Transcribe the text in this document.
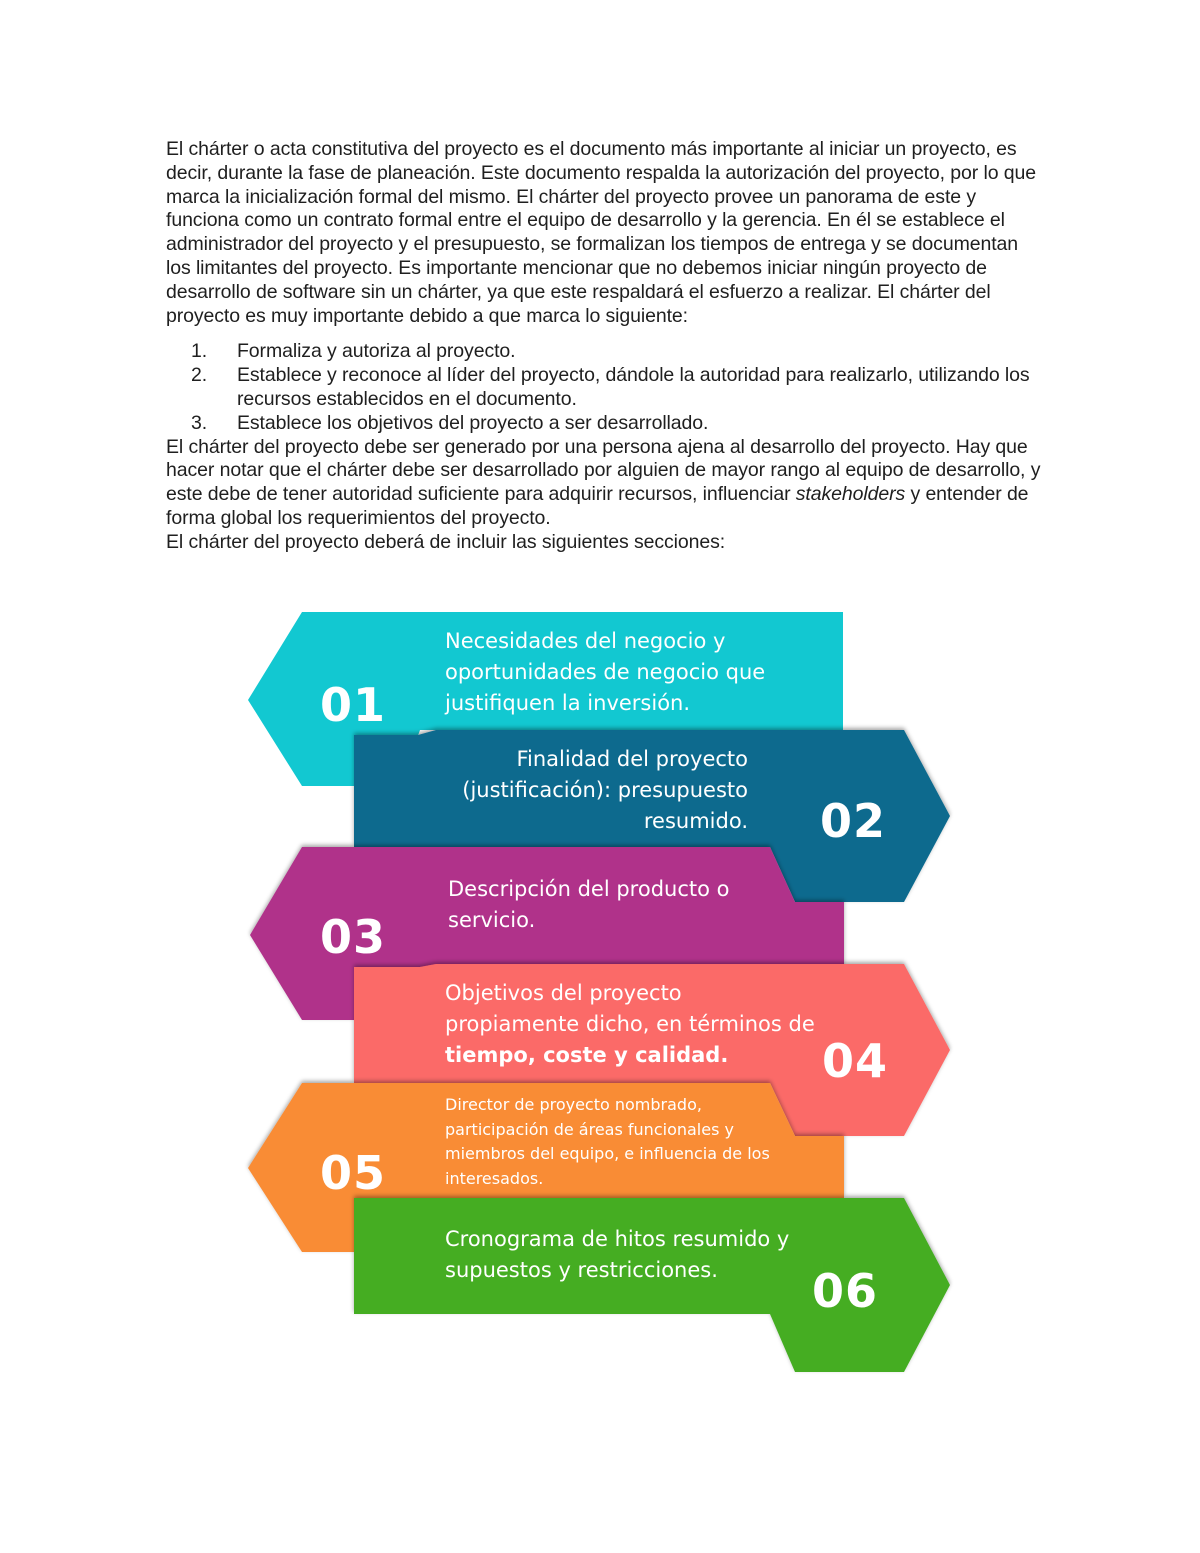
El chárter o acta constitutiva del proyecto es el documento más importante al iniciar un proyecto, es decir, durante la fase de planeación. Este documento respalda la autorización del proyecto, por lo que marca la inicialización formal del mismo. El chárter del proyecto provee un panorama de este y funciona como un contrato formal entre el equipo de desarrollo y la gerencia. En él se establece el administrador del proyecto y el presupuesto, se formalizan los tiempos de entrega y se documentan los limitantes del proyecto. Es importante mencionar que no debemos iniciar ningún proyecto de desarrollo de software sin un chárter, ya que este respaldará el esfuerzo a realizar. El chárter del proyecto es muy importante debido a que marca lo siguiente:

1. Formaliza y autoriza al proyecto.
2. Establece y reconoce al líder del proyecto, dándole la autoridad para realizarlo, utilizando los recursos establecidos en el documento.
3. Establece los objetivos del proyecto a ser desarrollado.

El chárter del proyecto debe ser generado por una persona ajena al desarrollo del proyecto. Hay que hacer notar que el chárter debe ser desarrollado por alguien de mayor rango al equipo de desarrollo, y este debe de tener autoridad suficiente para adquirir recursos, influenciar stakeholders y entender de forma global los requerimientos del proyecto.

El chárter del proyecto deberá de incluir las siguientes secciones:

Necesidades del negocio y
oportunidades de negocio que
justifiquen la inversión.
01
Finalidad del proyecto
(justificación): presupuesto
resumido. 02
Descripción del producto o
servicio.
03
Objetivos del proyecto
propiamente dicho, en términos de
tiempo, coste y calidad.	04
Director de proyecto nombrado,
participación de áreas funcionales y
miembros del equipo, e influencia de los
interesados.
05
Cronograma de hitos resumido y
supuestos y restricciones.	06
